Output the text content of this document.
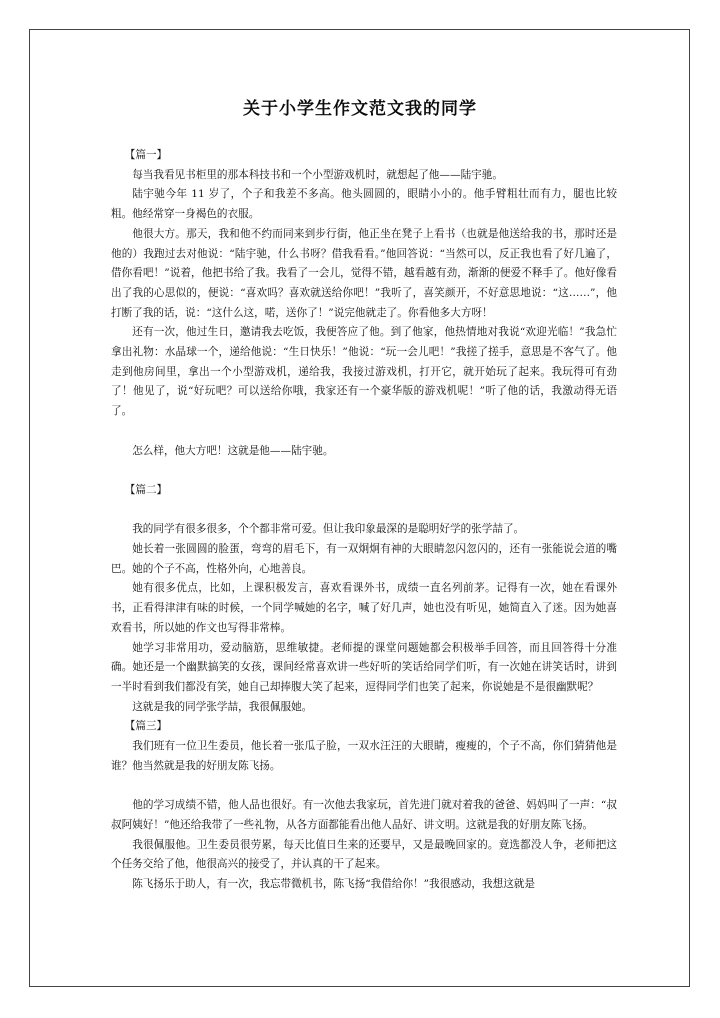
关于小学生作文范文我的同学

【篇一】

每当我看见书柜里的那本科技书和一个小型游戏机时，就想起了他——陆宇驰。

陆宇驰今年 11 岁了，个子和我差不多高。他头圆圆的，眼睛小小的。他手臂粗壮而有力，腿也比较粗。他经常穿一身褐色的衣服。

他很大方。那天，我和他不约而同来到步行街，他正坐在凳子上看书（也就是他送给我的书，那时还是他的）我跑过去对他说：“陆宇驰，什么书呀？借我看看。”他回答说：“当然可以，反正我也看了好几遍了，借你看吧！”说着，他把书给了我。我看了一会儿，觉得不错，越看越有劲，渐渐的便爱不释手了。他好像看出了我的心思似的，便说：“喜欢吗？喜欢就送给你吧！”我听了，喜笑颜开，不好意思地说：“这……”，他打断了我的话，说：“这什么这，喏，送你了！”说完他就走了。你看他多大方呀！

还有一次，他过生日，邀请我去吃饭，我便答应了他。到了他家，他热情地对我说“欢迎光临！”我急忙拿出礼物：水晶球一个，递给他说：“生日快乐！”他说：“玩一会儿吧！”我搓了搓手，意思是不客气了。他走到他房间里，拿出一个小型游戏机，递给我，我接过游戏机，打开它，就开始玩了起来。我玩得可有劲了！他见了，说“好玩吧？可以送给你哦，我家还有一个豪华版的游戏机呢！”听了他的话，我激动得无语了。

怎么样，他大方吧！这就是他——陆宇驰。

【篇二】

我的同学有很多很多，个个都非常可爱。但让我印象最深的是聪明好学的张学喆了。

她长着一张圆圆的脸蛋，弯弯的眉毛下，有一双炯炯有神的大眼睛忽闪忽闪的，还有一张能说会道的嘴巴。她的个子不高，性格外向，心地善良。

她有很多优点，比如，上课积极发言，喜欢看课外书，成绩一直名列前茅。记得有一次，她在看课外书，正看得津津有味的时候，一个同学喊她的名字，喊了好几声，她也没有听见，她简直入了迷。因为她喜欢看书，所以她的作文也写得非常棒。

她学习非常用功，爱动脑筋，思维敏捷。老师提的课堂问题她都会积极举手回答，而且回答得十分准确。她还是一个幽默搞笑的女孩，课间经常喜欢讲一些好听的笑话给同学们听，有一次她在讲笑话时，讲到一半时看到我们都没有笑，她自己却捧腹大笑了起来，逗得同学们也笑了起来，你说她是不是很幽默呢？

这就是我的同学张学喆，我很佩服她。

【篇三】

我们班有一位卫生委员，他长着一张瓜子脸，一双水汪汪的大眼睛，瘦瘦的，个子不高，你们猜猜他是谁？他当然就是我的好朋友陈飞扬。

他的学习成绩不错，他人品也很好。有一次他去我家玩，首先进门就对着我的爸爸、妈妈叫了一声：“叔叔阿姨好！”他还给我带了一些礼物，从各方面都能看出他人品好、讲文明。这就是我的好朋友陈飞扬。

我很佩服他。卫生委员很劳累，每天比值日生来的还要早，又是最晚回家的。竟选都没人争，老师把这个任务交给了他，他很高兴的接受了，并认真的干了起来。

陈飞扬乐于助人，有一次，我忘带微机书，陈飞扬“我借给你！”我很感动，我想这就是
